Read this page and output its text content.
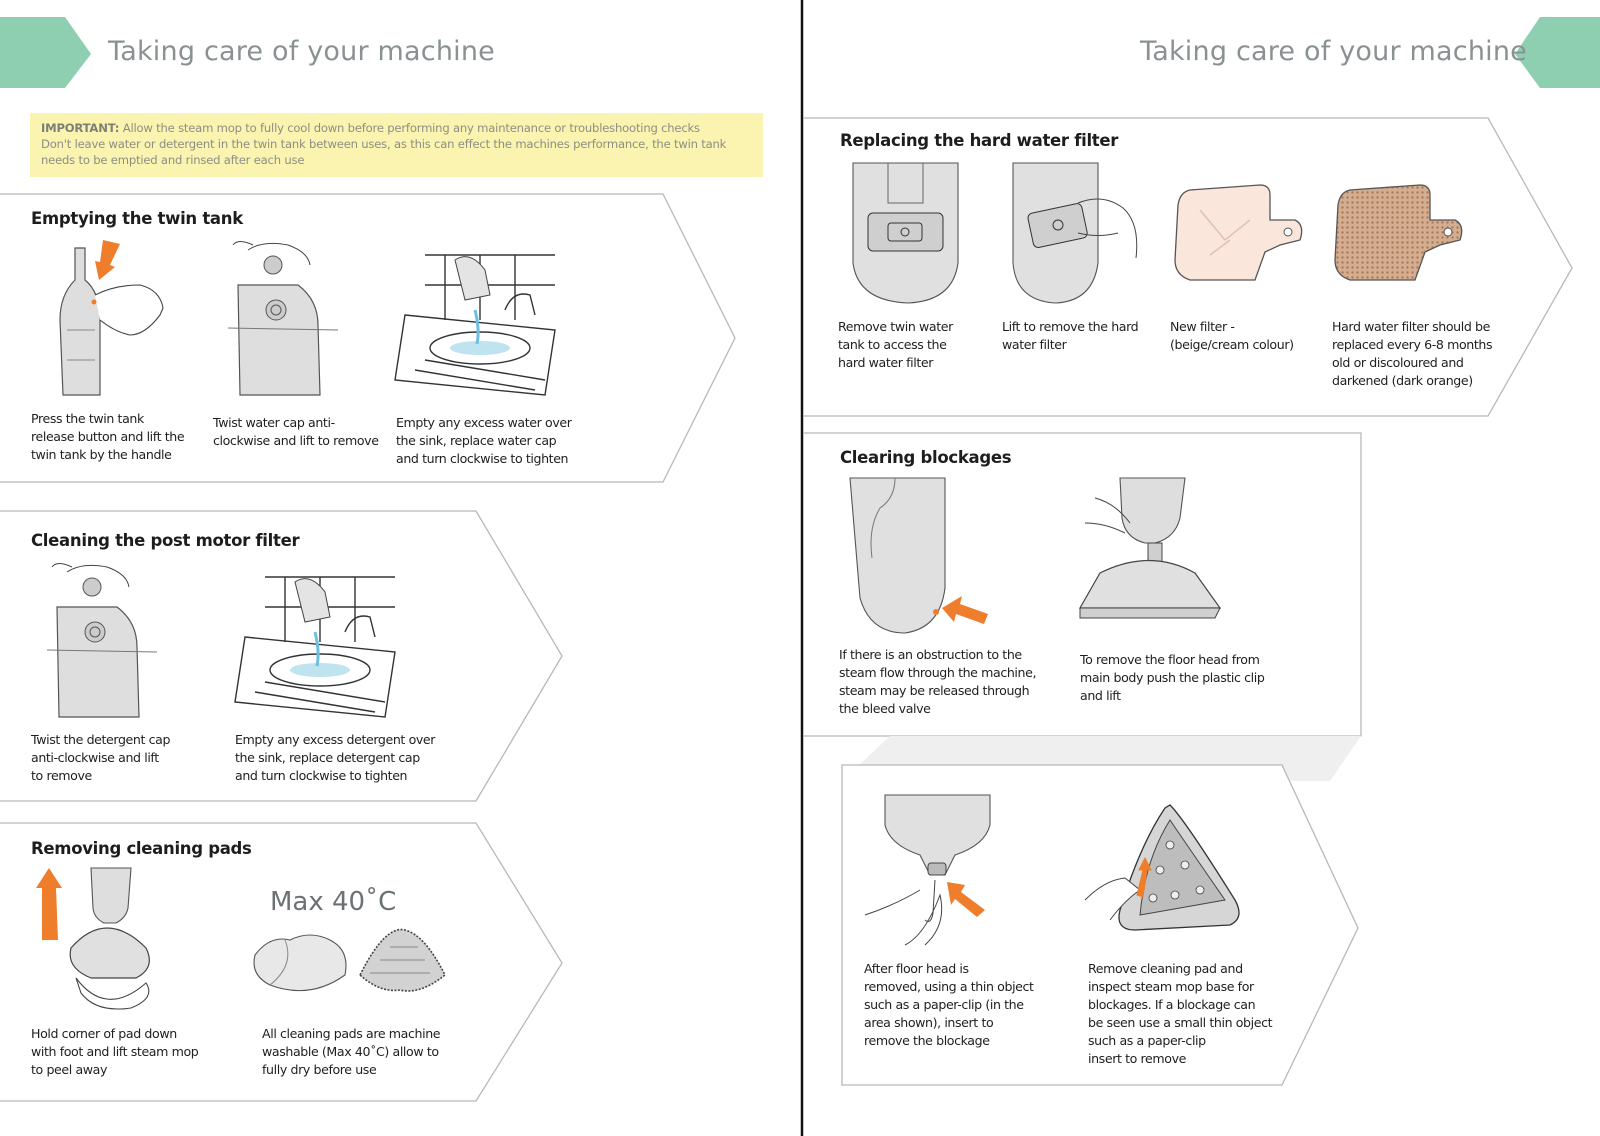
Taking care of your machine
IMPORTANT: Allow the steam mop to fully cool down before performing any maintenance or troubleshooting checks
Don't leave water or detergent in the twin tank between uses, as this can effect the machines performance, the twin tank needs to be emptied and rinsed after each use
Emptying the twin tank
Press the twin tank
release button and lift the
twin tank by the handle
Twist water cap anti-
clockwise and lift to remove
Empty any excess water over
the sink, replace water cap
and turn clockwise to tighten
Cleaning the post motor filter
Twist the detergent cap
anti-clockwise and lift
to remove
Empty any excess detergent over
the sink, replace detergent cap
and turn clockwise to tighten
Removing cleaning pads
Max 40˚C
Hold corner of pad down
with foot and lift steam mop
to peel away
All cleaning pads are machine
washable (Max 40˚C) allow to
fully dry before use
Taking care of your machine
Replacing the hard water filter
Remove twin water
tank to access the
hard water filter
Lift to remove the hard
water filter
New filter -
(beige/cream colour)
Hard water filter should be
replaced every 6-8 months
old or discoloured and
darkened (dark orange)
Clearing blockages
If there is an obstruction to the
steam flow through the machine,
steam may be released through
the bleed valve
To remove the floor head from
main body push the plastic clip
and lift
After floor head is
removed, using a thin object
such as a paper-clip (in the
area shown), insert to
remove the blockage
Remove cleaning pad and
inspect steam mop base for
blockages. If a blockage can
be seen use a small thin object
such as a paper-clip
insert to remove
